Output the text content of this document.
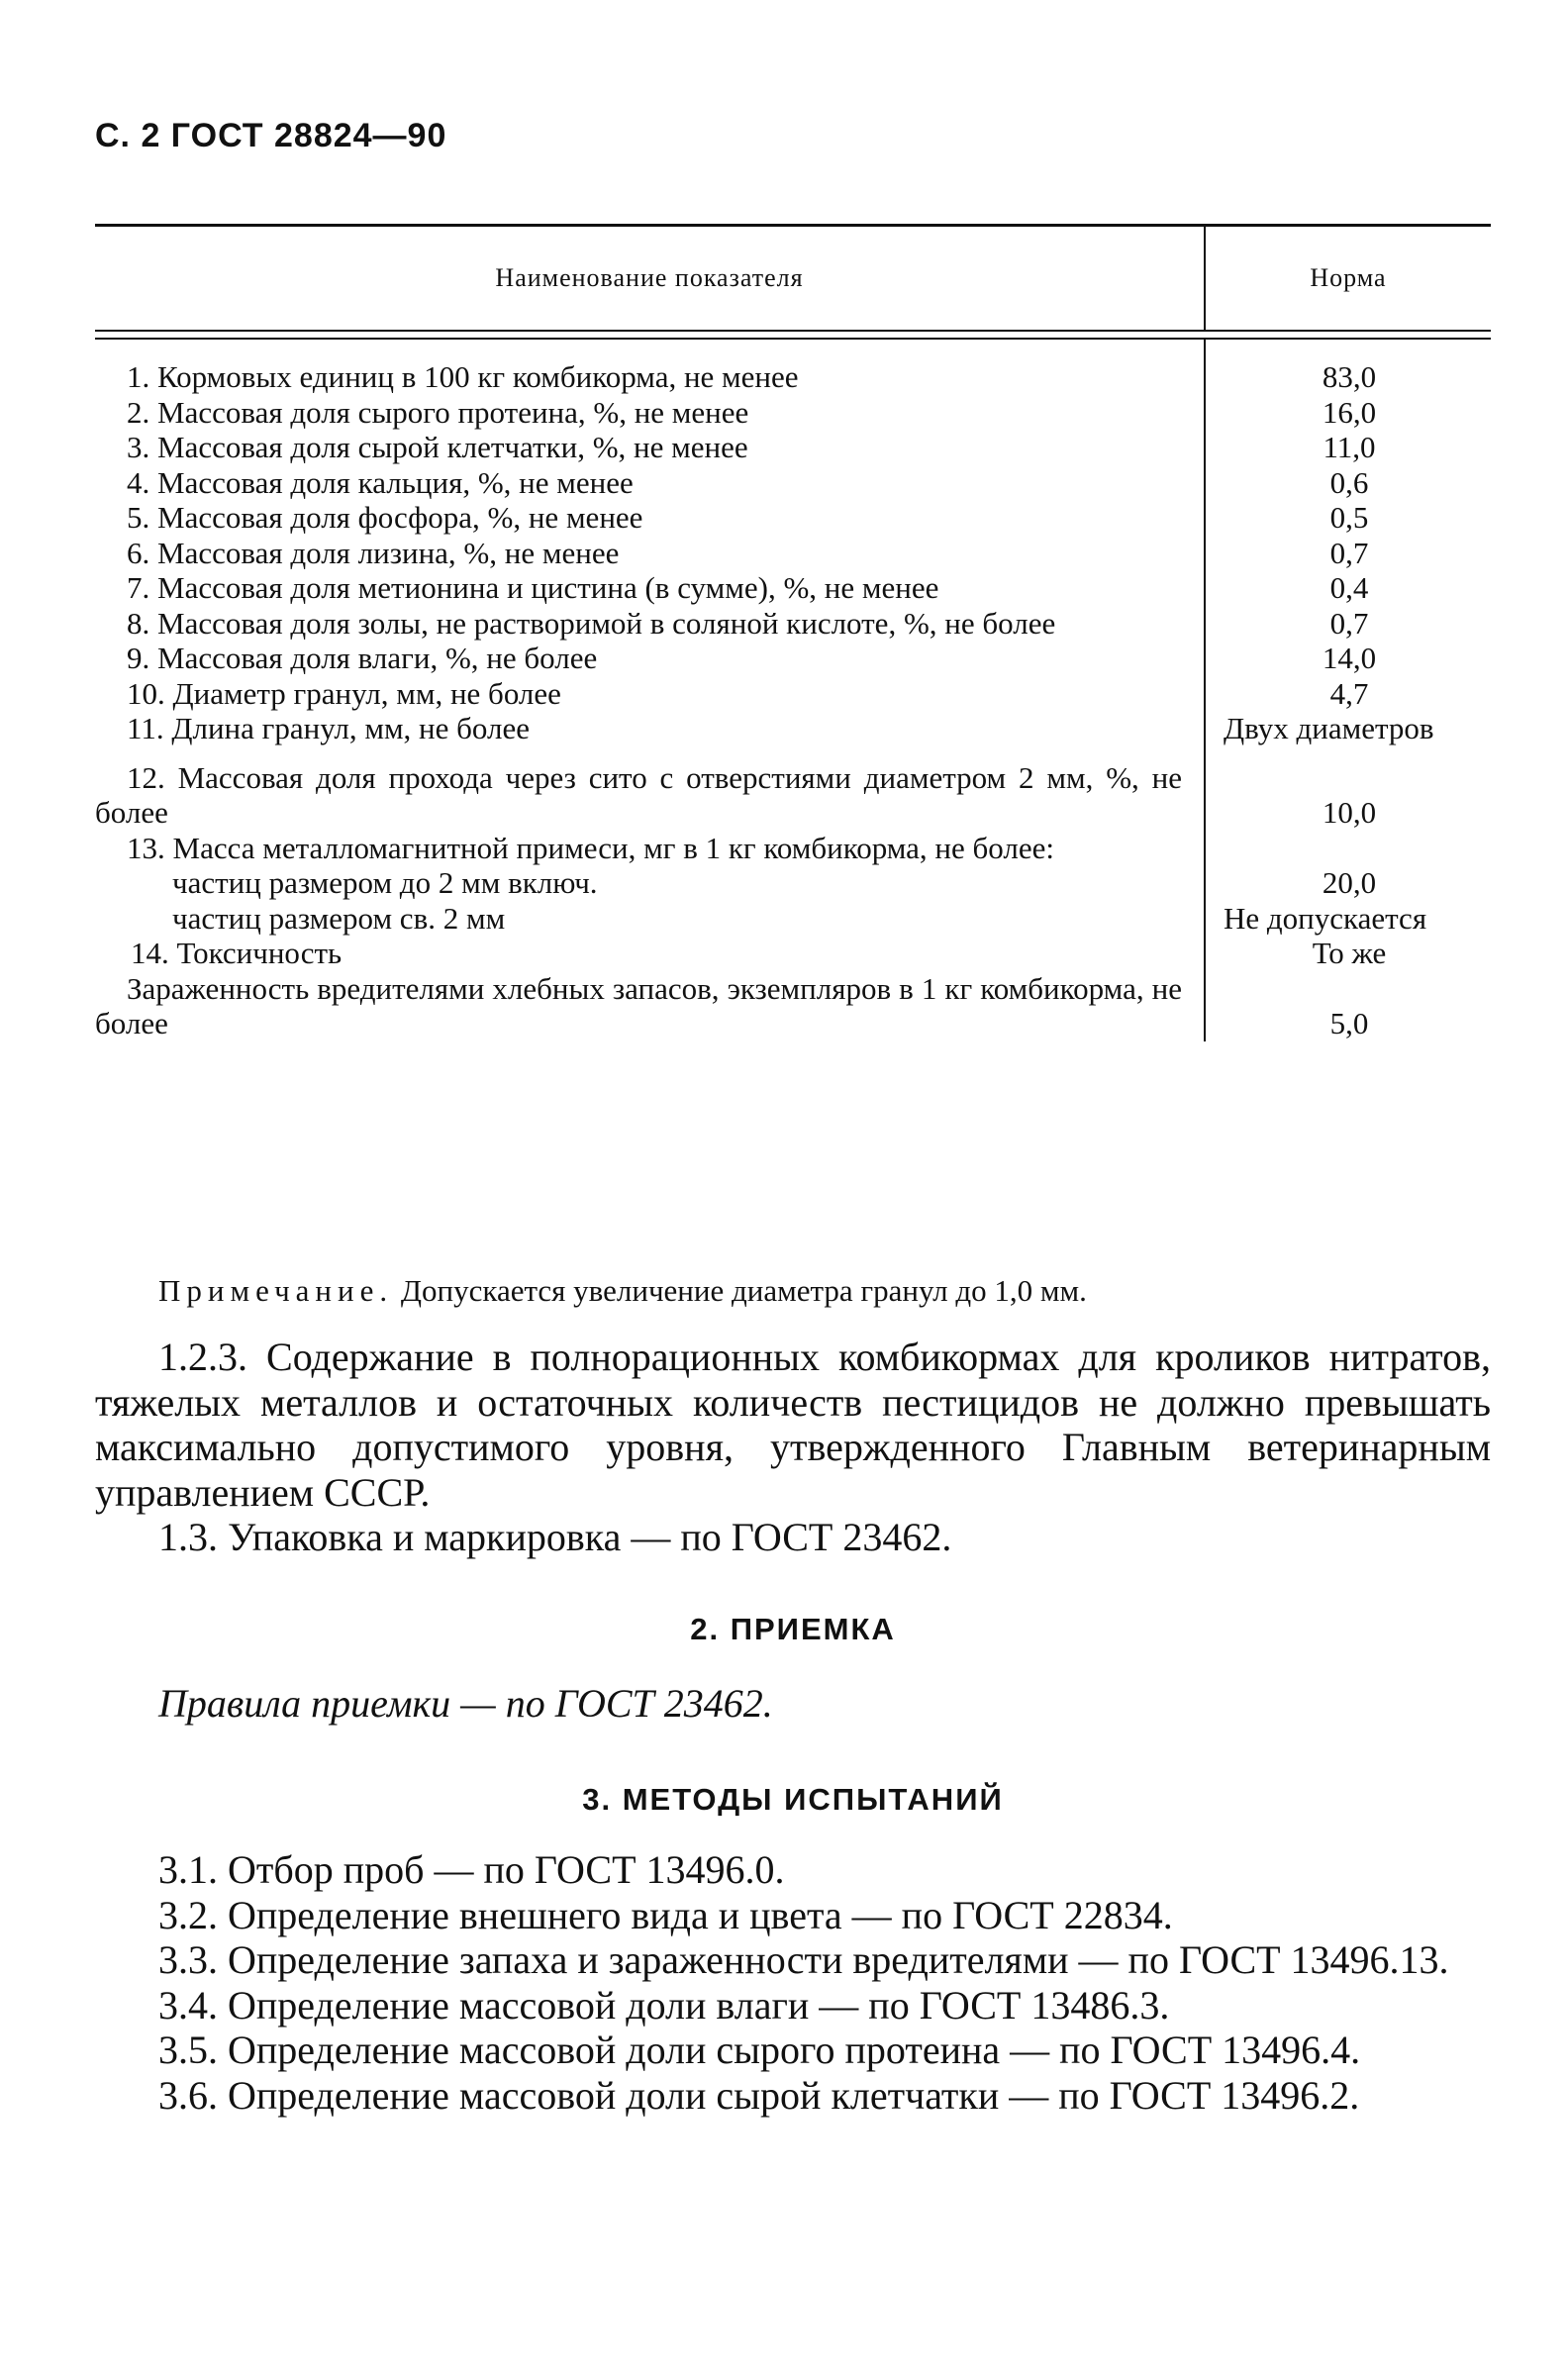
С. 2 ГОСТ 28824—90
Наименование показателя	Норма
1. Кормовых единиц в 100 кг комбикорма, не менее	83,0
2. Массовая доля сырого протеина, %, не менее	16,0
3. Массовая доля сырой клетчатки, %, не менее	11,0
4. Массовая доля кальция, %, не менее	0,6
5. Массовая доля фосфора, %, не менее	0,5
6. Массовая доля лизина, %, не менее	0,7
7. Массовая доля метионина и цистина (в сумме), %, не менее	0,4
8. Массовая доля золы, не растворимой в соляной кислоте, %, не более	0,7
9. Массовая доля влаги, %, не более	14,0
10. Диаметр гранул, мм, не более	4,7
11. Длина гранул, мм, не более	Двух диаметров
12. Массовая доля прохода через сито с отверстиями диаметром 2 мм, %, не более	10,0
13. Масса металломагнитной примеси, мг в 1 кг комбикорма, не более:
частиц размером до 2 мм включ.	20,0
частиц размером св. 2 мм	Не допускается
14. Токсичность	То же
Зараженность вредителями хлебных запасов, экземпляров в 1 кг комбикорма, не более	5,0
Примечание. Допускается увеличение диаметра гранул до 1,0 мм.
1.2.3. Содержание в полнорационных комбикормах для кроликов нитратов, тяжелых металлов и остаточных количеств пестицидов не должно превышать максимально допустимого уровня, утвержденного Главным ветеринарным управлением СССР.
1.3. Упаковка и маркировка — по ГОСТ 23462.
2. ПРИЕМКА
Правила приемки — по ГОСТ 23462.
3. МЕТОДЫ ИСПЫТАНИЙ
3.1. Отбор проб — по ГОСТ 13496.0.
3.2. Определение внешнего вида и цвета — по ГОСТ 22834.
3.3. Определение запаха и зараженности вредителями — по ГОСТ 13496.13.
3.4. Определение массовой доли влаги — по ГОСТ 13486.3.
3.5. Определение массовой доли сырого протеина — по ГОСТ 13496.4.
3.6. Определение массовой доли сырой клетчатки — по ГОСТ 13496.2.
